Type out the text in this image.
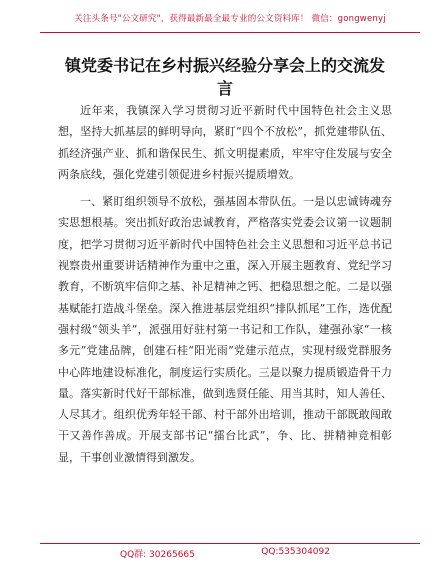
关注头条号"公文研究"，获得最新最全最专业的公文资料库！ 微信：gongwenyj
镇党委书记在乡村振兴经验分享会上的交流发言

近年来，我镇深入学习贯彻习近平新时代中国特色社会主义思想，坚持大抓基层的鲜明导向，紧盯“四个不放松”，抓党建带队伍、抓经济强产业、抓和谐保民生、抓文明提素质，牢牢守住发展与安全两条底线，强化党建引领促进乡村振兴提质增效。

一、紧盯组织领导不放松，强基固本带队伍。一是以忠诚铸魂夯实思想根基。突出抓好政治忠诚教育，严格落实党委会议第一议题制度，把学习贯彻习近平新时代中国特色社会主义思想和习近平总书记视察贵州重要讲话精神作为重中之重，深入开展主题教育、党纪学习教育，不断筑牢信仰之基、补足精神之钙、把稳思想之舵。二是以强基赋能打造战斗堡垒。深入推进基层党组织“排队抓尾”工作，选优配强村级“领头羊”，派强用好驻村第一书记和工作队，建强孙家“一核多元”党建品牌，创建石桂“阳光雨”党建示范点，实现村级党群服务中心阵地建设标准化，制度运行实质化。三是以聚力提质锻造骨干力量。落实新时代好干部标准，做到选贤任能、用当其时，知人善任、人尽其才。组织优秀年轻干部、村干部外出培训，推动干部既敢闯敢干又善作善成。开展支部书记“擂台比武”，争、比、拼精神竞相彰显，干事创业激情得到激发。

QQ群: 30265665	QQ:535304092
